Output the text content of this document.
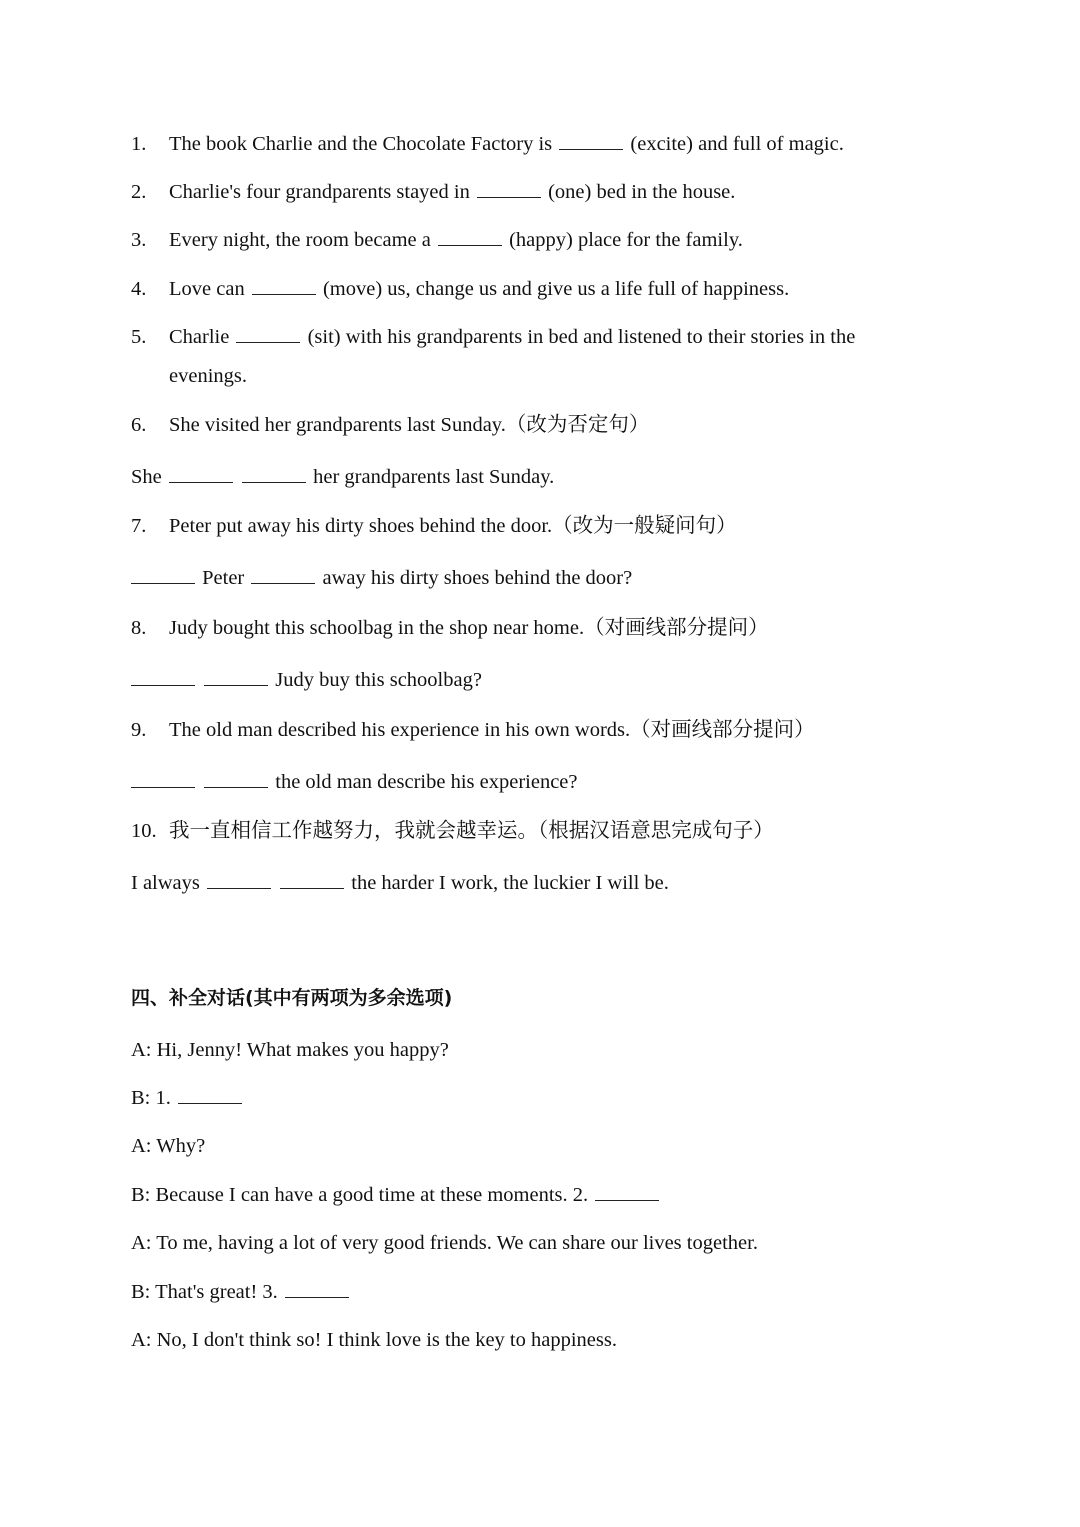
1. The book Charlie and the Chocolate Factory is	(excite) and full of magic.
2. Charlie's four grandparents stayed in	(one) bed in the house.
3. Every night, the room became a	(happy) place for the family.
4. Love can	(move) us, change us and give us a life full of happiness.
5. Charlie	(sit) with his grandparents in bed and listened to their stories in the
evenings.
6. She visited her grandparents last Sunday.（改为否定句）
She	her grandparents last Sunday.
7. Peter put away his dirty shoes behind the door.（改为一般疑问句）
Peter	away his dirty shoes behind the door?
8. Judy bought this schoolbag in the shop near home.（对画线部分提问）
Judy buy this schoolbag?
9. The old man described his experience in his own words.（对画线部分提问）
the old man describe his experience?
10. 我一直相信工作越努力，我就会越幸运。（根据汉语意思完成句子）
I always	the harder I work, the luckier I will be.
四、补全对话(其中有两项为多余选项)
A: Hi, Jenny! What makes you happy?
B: 1.
A: Why?
B: Because I can have a good time at these moments. 2.
A: To me, having a lot of very good friends. We can share our lives together.
B: That's great! 3.
A: No, I don't think so! I think love is the key to happiness.
